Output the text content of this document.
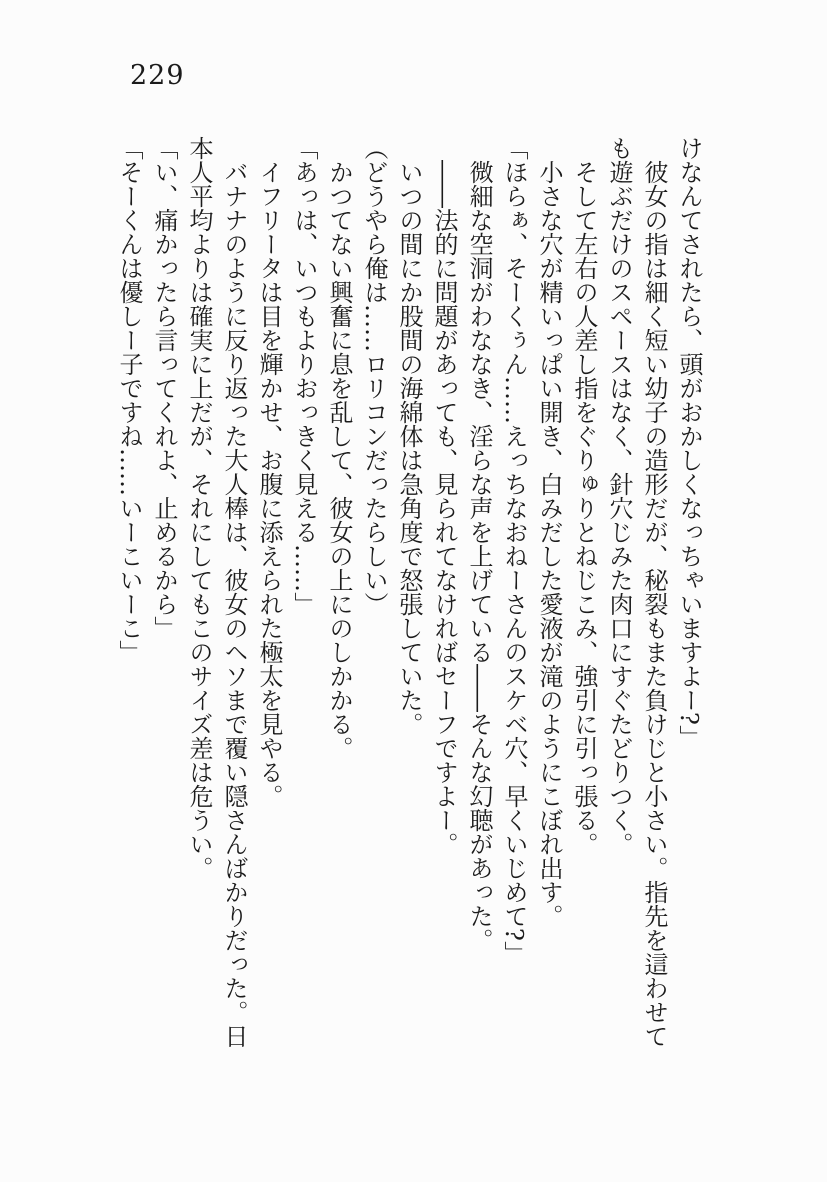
229

けなんてされたら、頭がおかしくなっちゃいますよー?」

彼女の指は細く短い幼子の造形だが、秘裂もまた負けじと小さい。指先を這わせて

も遊ぶだけのスペースはなく、針穴じみた肉口にすぐたどりつく。

そして左右の人差し指をぐりゅりとねじこみ、強引に引っ張る。

小さな穴が精いっぱい開き、白みだした愛液が滝のようにこぼれ出す。

「ほらぁ、そーくぅん……えっちなおねーさんのスケベ穴、早くいじめて?」

微細な空洞がわななき、淫らな声を上げている――そんな幻聴があった。

――法的に問題があっても、見られてなければセーフですよー。

いつの間にか股間の海綿体は急角度で怒張していた。

（どうやら俺は……ロリコンだったらしい）

かつてない興奮に息を乱して、彼女の上にのしかかる。

「あっは、いつもよりおっきく見える……」

イフリータは目を輝かせ、お腹に添えられた極太を見やる。

バナナのように反り返った大人棒は、彼女のヘソまで覆い隠さんばかりだった。日

本人平均よりは確実に上だが、それにしてもこのサイズ差は危うい。

「い、痛かったら言ってくれよ、止めるから」

「そーくんは優しー子ですね……いーこいーこ」
